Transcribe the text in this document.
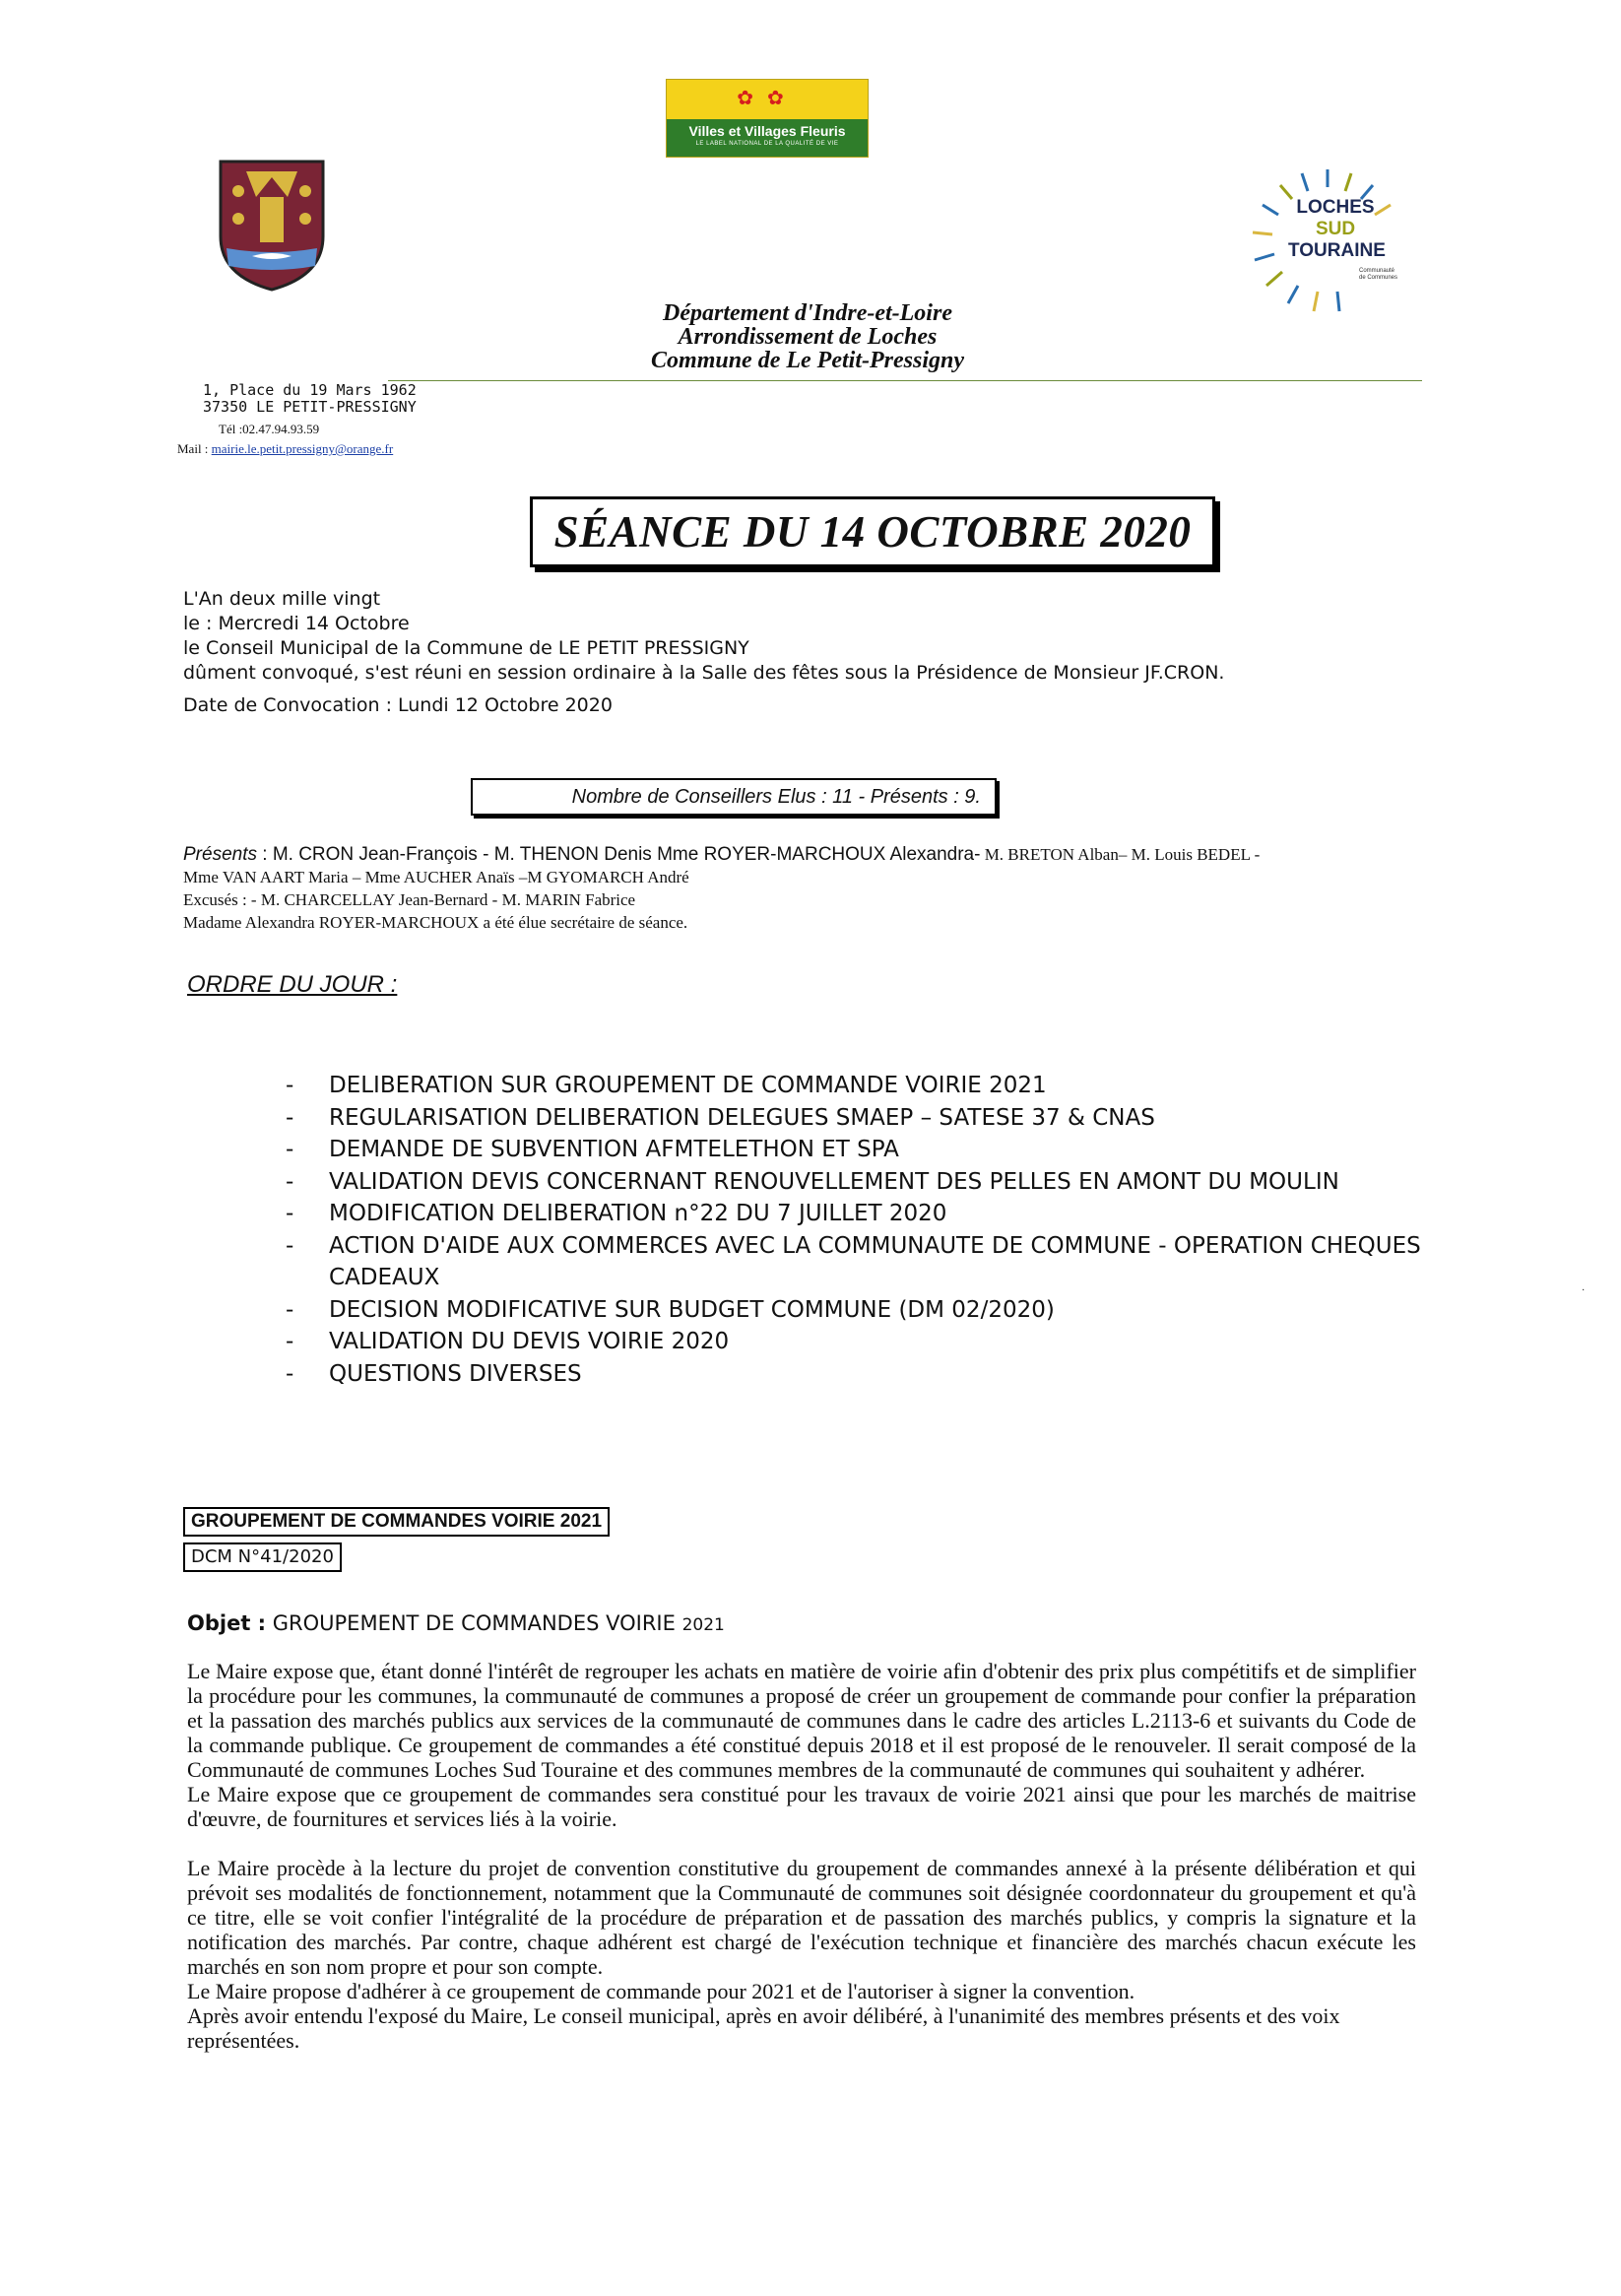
✿✿
Villes et Villages Fleuris
LE LABEL NATIONAL DE LA QUALITÉ DE VIE
LOCHES
SUD
TOURAINE
Communauté de Communes
Département d'Indre-et-Loire
Arrondissement de Loches
Commune de Le Petit-Pressigny
1, Place du 19 Mars 1962
37350 LE PETIT-PRESSIGNY
Tél :02.47.94.93.59
Mail : mairie.le.petit.pressigny@orange.fr
SÉANCE DU 14 OCTOBRE 2020
L'An deux mille vingt
le : Mercredi 14 Octobre
le Conseil Municipal de la Commune de LE PETIT PRESSIGNY
dûment convoqué, s'est réuni en session ordinaire à la Salle des fêtes sous la Présidence de Monsieur JF.CRON.
Date de Convocation : Lundi 12 Octobre 2020
Nombre de Conseillers Elus : 11 - Présents : 9.
Présents : M. CRON Jean-François - M. THENON Denis Mme ROYER-MARCHOUX Alexandra- M. BRETON Alban– M. Louis BEDEL -
Mme VAN AART Maria – Mme AUCHER Anaïs –M GYOMARCH André
Excusés : - M. CHARCELLAY Jean-Bernard - M. MARIN Fabrice
Madame Alexandra ROYER-MARCHOUX a été élue secrétaire de séance.
ORDRE DU JOUR :
- DELIBERATION SUR GROUPEMENT DE COMMANDE VOIRIE 2021
- REGULARISATION DELIBERATION DELEGUES SMAEP – SATESE 37 & CNAS
- DEMANDE DE SUBVENTION AFMTELETHON ET SPA
- VALIDATION DEVIS CONCERNANT RENOUVELLEMENT DES PELLES EN AMONT DU MOULIN
- MODIFICATION DELIBERATION n°22 DU 7 JUILLET 2020
- ACTION D'AIDE AUX COMMERCES AVEC LA COMMUNAUTE DE COMMUNE - OPERATION CHEQUES CADEAUX
- DECISION MODIFICATIVE SUR BUDGET COMMUNE (DM 02/2020)
- VALIDATION DU DEVIS VOIRIE 2020
- QUESTIONS DIVERSES
·
GROUPEMENT DE COMMANDES VOIRIE 2021
DCM N°41/2020
Objet : GROUPEMENT DE COMMANDES VOIRIE 2021

Le Maire expose que, étant donné l'intérêt de regrouper les achats en matière de voirie afin d'obtenir des prix plus compétitifs et de simplifier la procédure pour les communes, la communauté de communes a proposé de créer un groupement de commande pour confier la préparation et la passation des marchés publics aux services de la communauté de communes dans le cadre des articles L.2113-6 et suivants du Code de la commande publique. Ce groupement de commandes a été constitué depuis 2018 et il est proposé de le renouveler. Il serait composé de la Communauté de communes Loches Sud Touraine et des communes membres de la communauté de communes qui souhaitent y adhérer.

Le Maire expose que ce groupement de commandes sera constitué pour les travaux de voirie 2021 ainsi que pour les marchés de maitrise d'œuvre, de fournitures et services liés à la voirie.

Le Maire procède à la lecture du projet de convention constitutive du groupement de commandes annexé à la présente délibération et qui prévoit ses modalités de fonctionnement, notamment que la Communauté de communes soit désignée coordonnateur du groupement et qu'à ce titre, elle se voit confier l'intégralité de la procédure de préparation et de passation des marchés publics, y compris la signature et la notification des marchés. Par contre, chaque adhérent est chargé de l'exécution technique et financière des marchés chacun exécute les marchés en son nom propre et pour son compte.

Le Maire propose d'adhérer à ce groupement de commande pour 2021 et de l'autoriser à signer la convention.

Après avoir entendu l'exposé du Maire, Le conseil municipal, après en avoir délibéré, à l'unanimité des membres présents et des voix représentées.
